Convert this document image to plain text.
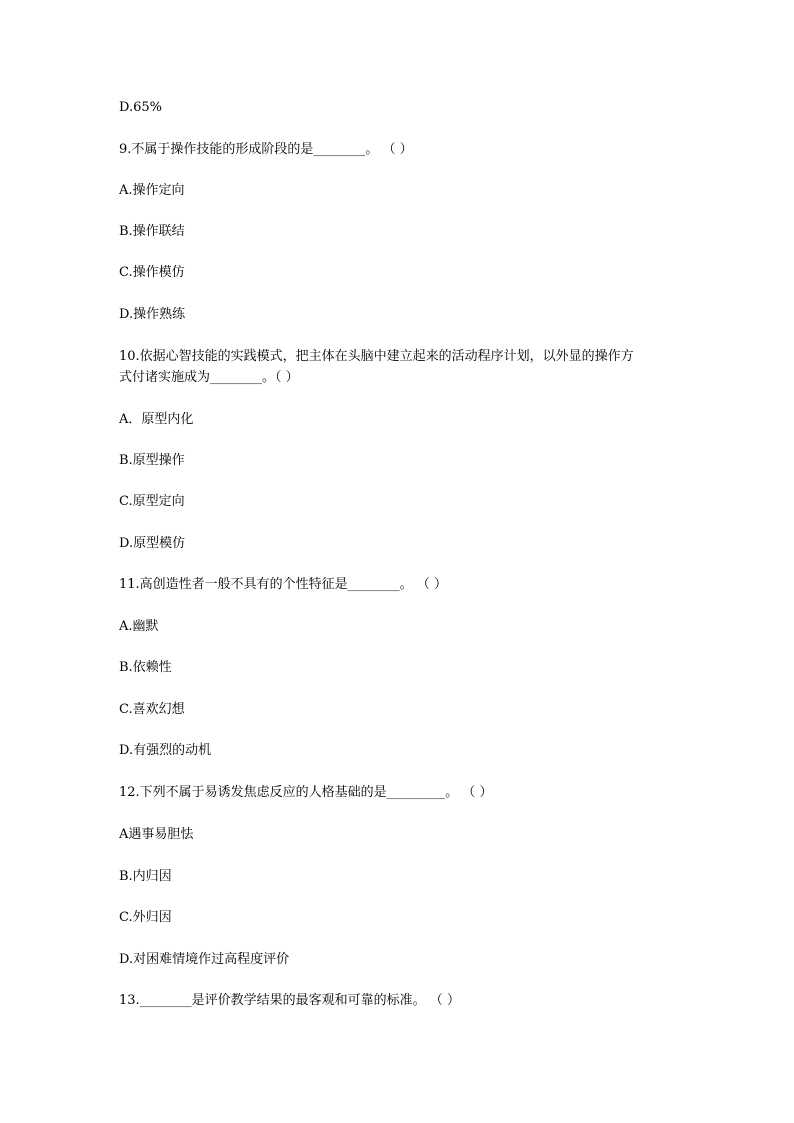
D.65%
9.不属于操作技能的形成阶段的是________。 （ ）
A.操作定向
B.操作联结
C.操作模仿
D.操作熟练
10.依据心智技能的实践模式，把主体在头脑中建立起来的活动程序计划，以外显的操作方
式付诸实施成为________。（ ）
A．原型内化
B.原型操作
C.原型定向
D.原型模仿
11.高创造性者一般不具有的个性特征是________。 （ ）
A.幽默
B.依赖性
C.喜欢幻想
D.有强烈的动机
12.下列不属于易诱发焦虑反应的人格基础的是_________。 （ ）
A遇事易胆怯
B.内归因
C.外归因
D.对困难情境作过高程度评价
13.________是评价教学结果的最客观和可靠的标准。 （ ）
